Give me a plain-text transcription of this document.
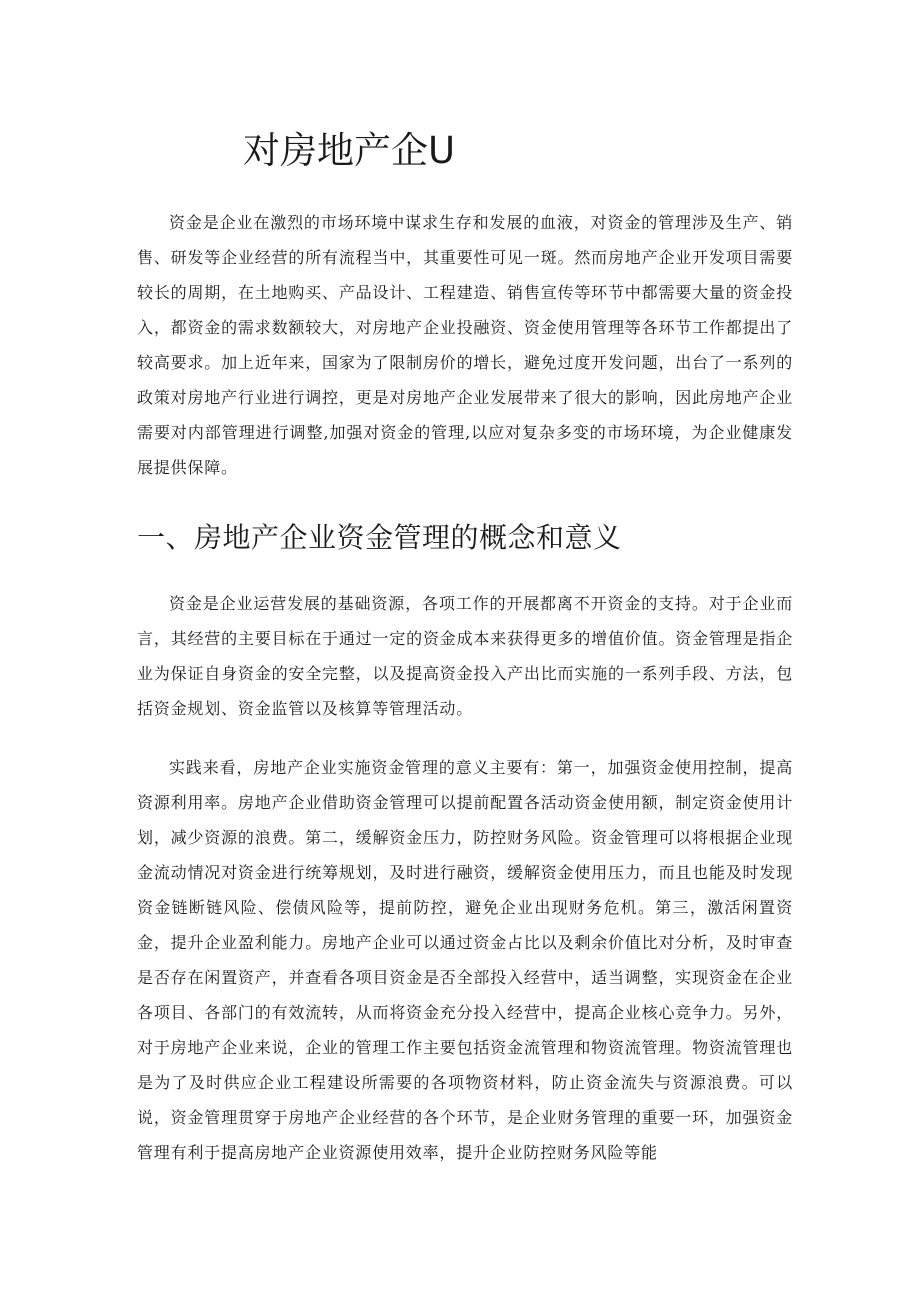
对房地产企U

资金是企业在激烈的市场环境中谋求生存和发展的血液，对资金的管理涉及生产、销售、研发等企业经营的所有流程当中，其重要性可见一斑。然而房地产企业开发项目需要较长的周期，在土地购买、产品设计、工程建造、销售宣传等环节中都需要大量的资金投入，都资金的需求数额较大，对房地产企业投融资、资金使用管理等各环节工作都提出了较高要求。加上近年来，国家为了限制房价的增长，避免过度开发问题，出台了一系列的政策对房地产行业进行调控，更是对房地产企业发展带来了很大的影响，因此房地产企业需要对内部管理进行调整,加强对资金的管理,以应对复杂多变的市场环境，为企业健康发展提供保障。

一、房地产企业资金管理的概念和意义

资金是企业运营发展的基础资源，各项工作的开展都离不开资金的支持。对于企业而言，其经营的主要目标在于通过一定的资金成本来获得更多的增值价值。资金管理是指企业为保证自身资金的安全完整，以及提高资金投入产出比而实施的一系列手段、方法，包括资金规划、资金监管以及核算等管理活动。

实践来看，房地产企业实施资金管理的意义主要有：第一，加强资金使用控制，提高资源利用率。房地产企业借助资金管理可以提前配置各活动资金使用额，制定资金使用计划，减少资源的浪费。第二，缓解资金压力，防控财务风险。资金管理可以将根据企业现金流动情况对资金进行统筹规划，及时进行融资，缓解资金使用压力，而且也能及时发现资金链断链风险、偿债风险等，提前防控，避免企业出现财务危机。第三，激活闲置资金，提升企业盈利能力。房地产企业可以通过资金占比以及剩余价值比对分析，及时审查是否存在闲置资产，并查看各项目资金是否全部投入经营中，适当调整，实现资金在企业各项目、各部门的有效流转，从而将资金充分投入经营中，提高企业核心竞争力。另外，对于房地产企业来说，企业的管理工作主要包括资金流管理和物资流管理。物资流管理也是为了及时供应企业工程建设所需要的各项物资材料，防止资金流失与资源浪费。可以说，资金管理贯穿于房地产企业经营的各个环节，是企业财务管理的重要一环，加强资金管理有利于提高房地产企业资源使用效率，提升企业防控财务风险等能
